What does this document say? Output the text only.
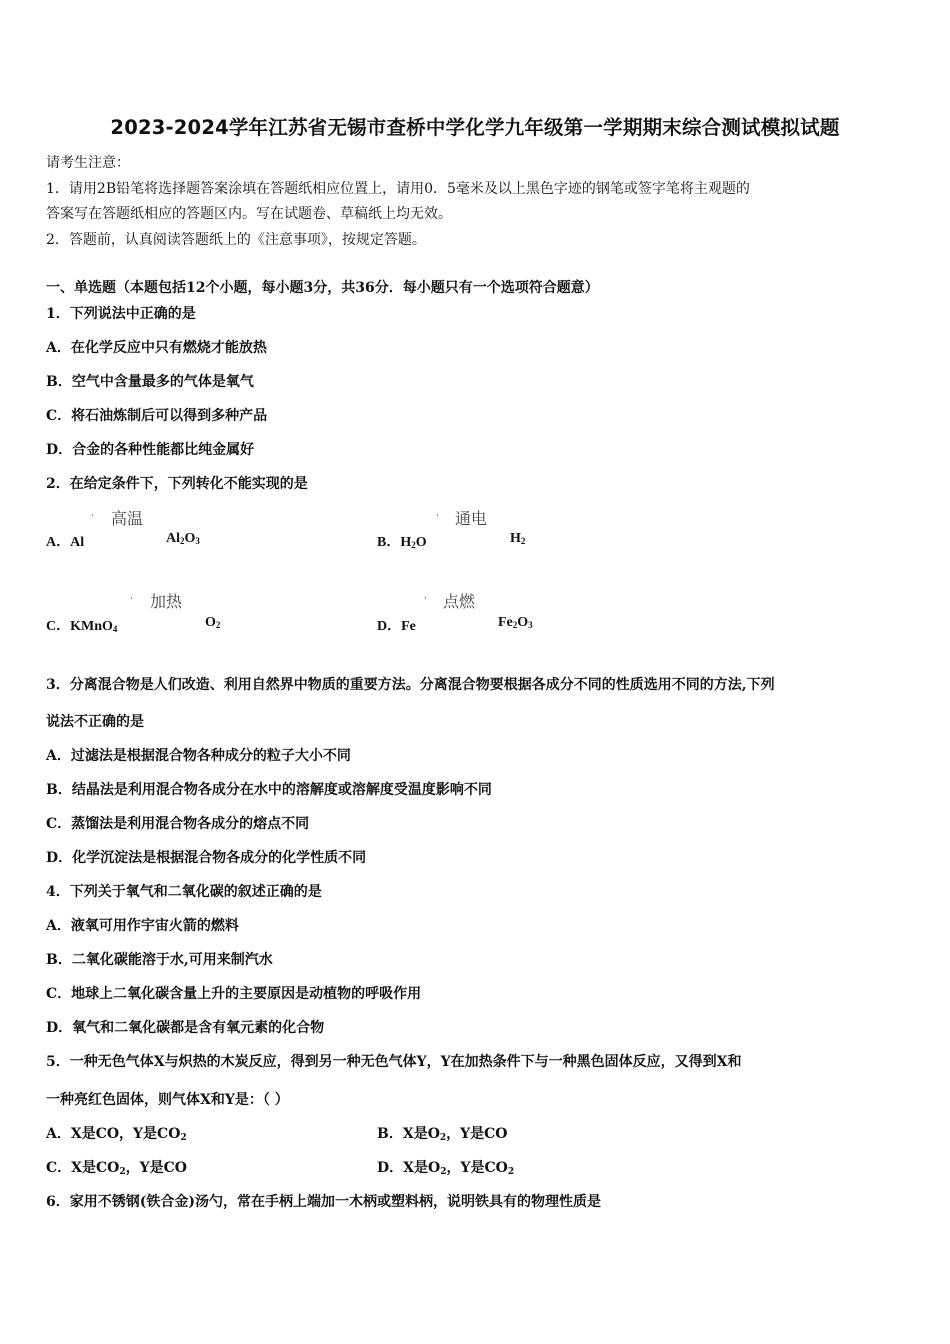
2023-2024学年江苏省无锡市查桥中学化学九年级第一学期期末综合测试模拟试题
请考生注意：
1．请用2B铅笔将选择题答案涂填在答题纸相应位置上，请用0．5毫米及以上黑色字迹的钢笔或签字笔将主观题的
答案写在答题纸相应的答题区内。写在试题卷、草稿纸上均无效。
2．答题前，认真阅读答题纸上的《注意事项》，按规定答题。
一、单选题（本题包括12个小题，每小题3分，共36分．每小题只有一个选项符合题意）
1．下列说法中正确的是
A．在化学反应中只有燃烧才能放热
B．空气中含量最多的气体是氧气
C．将石油炼制后可以得到多种产品
D．合金的各种性能都比纯金属好
2．在给定条件下，下列转化不能实现的是
ˌ 高温
A．Al	$Al_2O_3$
ˌ 通电
B．$H_2O$	$H_2$
ˌ 加热
C．KMnO$_4$	$O_2$
ˌ 点燃
D．Fe	$Fe_2O_3$
3．分离混合物是人们改造、利用自然界中物质的重要方法。分离混合物要根据各成分不同的性质选用不同的方法,下列
说法不正确的是
A．过滤法是根据混合物各种成分的粒子大小不同
B．结晶法是利用混合物各成分在水中的溶解度或溶解度受温度影响不同
C．蒸馏法是利用混合物各成分的熔点不同
D．化学沉淀法是根据混合物各成分的化学性质不同
4．下列关于氧气和二氧化碳的叙述正确的是
A．液氧可用作宇宙火箭的燃料
B．二氧化碳能溶于水,可用来制汽水
C．地球上二氧化碳含量上升的主要原因是动植物的呼吸作用
D．氧气和二氧化碳都是含有氧元素的化合物
5．一种无色气体X与炽热的木炭反应，得到另一种无色气体Y，Y在加热条件下与一种黑色固体反应，又得到X和
一种亮红色固体，则气体X和Y是：（ ）
A．X是CO，Y是$CO_2$	B．X是$O_2$，Y是CO
C．X是$CO_2$，Y是CO	D．X是$O_2$，Y是$CO_2$
6．家用不锈钢(铁合金)汤勺，常在手柄上端加一木柄或塑料柄，说明铁具有的物理性质是
